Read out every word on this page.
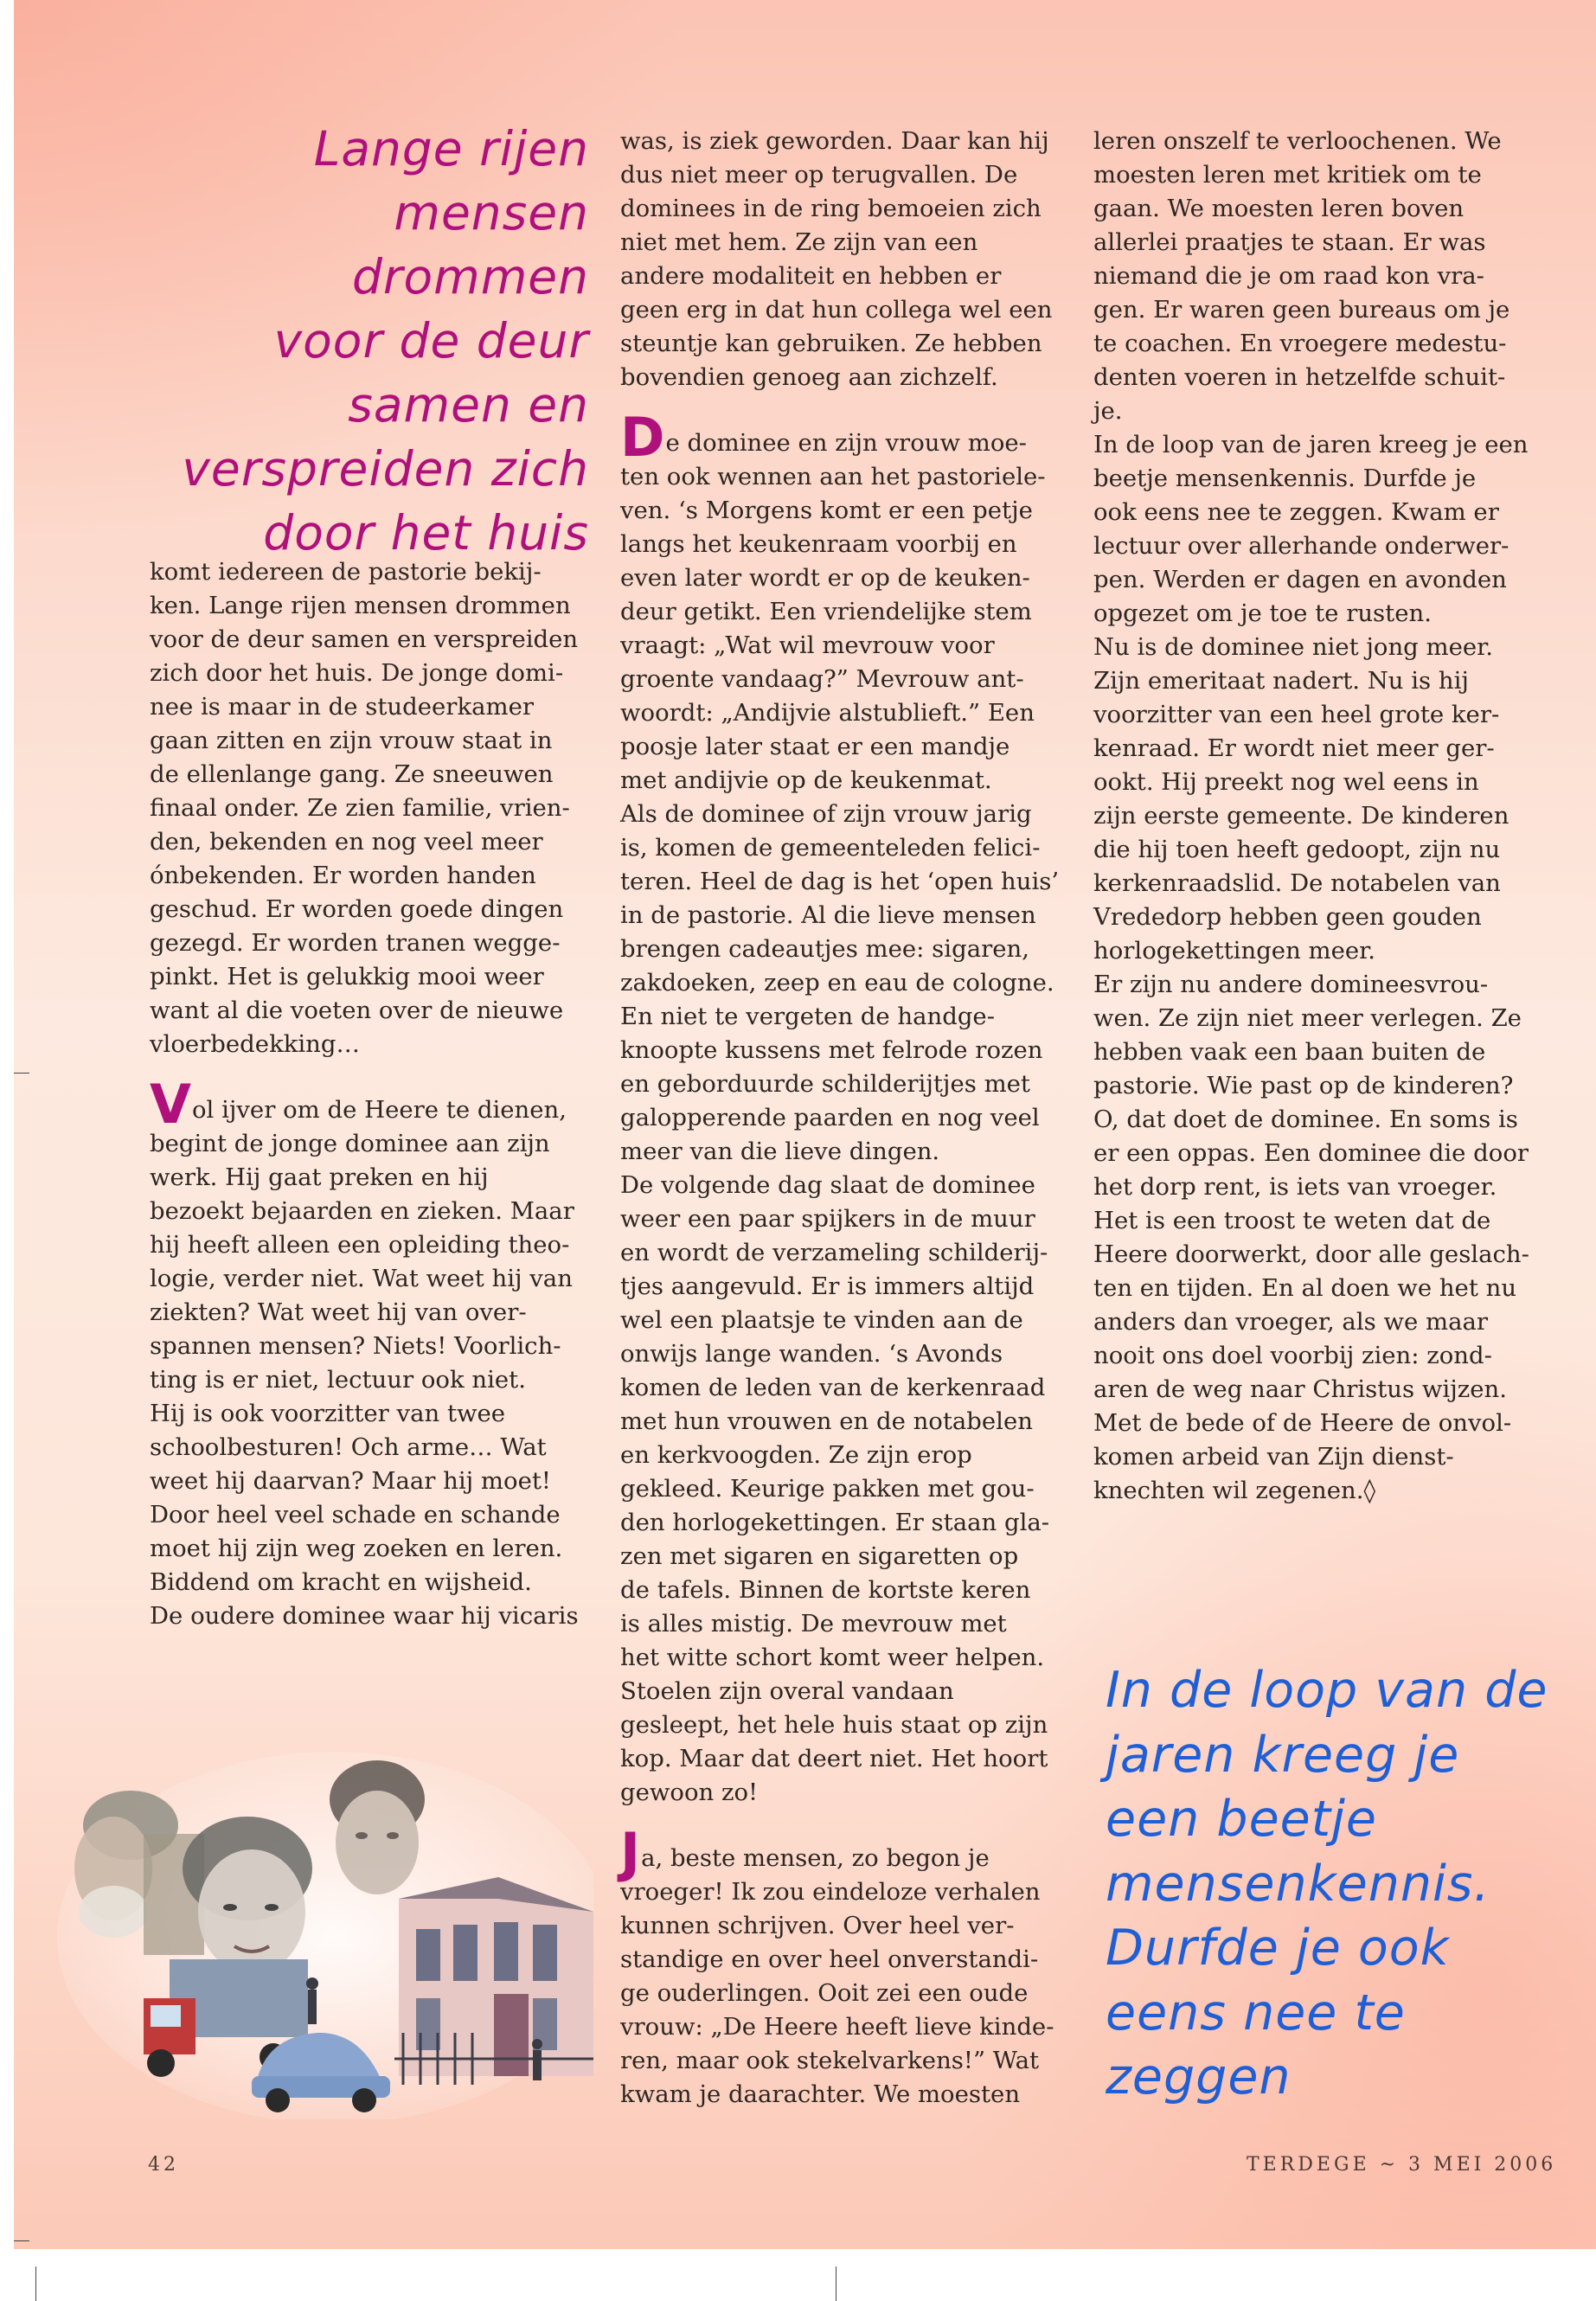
Lange rijen
mensen drommen
voor de deur
samen en
verspreiden zich
door het huis

komt iedereen de pastorie bekij-

ken. Lange rijen mensen drommen

voor de deur samen en verspreiden

zich door het huis. De jonge domi-

nee is maar in de studeerkamer

gaan zitten en zijn vrouw staat in

de ellenlange gang. Ze sneeuwen

finaal onder. Ze zien familie, vrien-

den, bekenden en nog veel meer

ónbekenden. Er worden handen

geschud. Er worden goede dingen

gezegd. Er worden tranen wegge-

pinkt. Het is gelukkig mooi weer

want al die voeten over de nieuwe

vloerbedekking…

Vol ijver om de Heere te dienen,

begint de jonge dominee aan zijn

werk. Hij gaat preken en hij

bezoekt bejaarden en zieken. Maar

hij heeft alleen een opleiding theo-

logie, verder niet. Wat weet hij van

ziekten? Wat weet hij van over-

spannen mensen? Niets! Voorlich-

ting is er niet, lectuur ook niet.

Hij is ook voorzitter van twee

schoolbesturen! Och arme… Wat

weet hij daarvan? Maar hij moet!

Door heel veel schade en schande

moet hij zijn weg zoeken en leren.

Biddend om kracht en wijsheid.

De oudere dominee waar hij vicaris

was, is ziek geworden. Daar kan hij

dus niet meer op terugvallen. De

dominees in de ring bemoeien zich

niet met hem. Ze zijn van een

andere modaliteit en hebben er

geen erg in dat hun collega wel een

steuntje kan gebruiken. Ze hebben

bovendien genoeg aan zichzelf.

De dominee en zijn vrouw moe-

ten ook wennen aan het pastoriele-

ven. ‘s Morgens komt er een petje

langs het keukenraam voorbij en

even later wordt er op de keuken-

deur getikt. Een vriendelijke stem

vraagt: „Wat wil mevrouw voor

groente vandaag?” Mevrouw ant-

woordt: „Andijvie alstublieft.” Een

poosje later staat er een mandje

met andijvie op de keukenmat.

Als de dominee of zijn vrouw jarig

is, komen de gemeenteleden felici-

teren. Heel de dag is het ‘open huis’

in de pastorie. Al die lieve mensen

brengen cadeautjes mee: sigaren,

zakdoeken, zeep en eau de cologne.

En niet te vergeten de handge-

knoopte kussens met felrode rozen

en geborduurde schilderijtjes met

galopperende paarden en nog veel

meer van die lieve dingen.

De volgende dag slaat de dominee

weer een paar spijkers in de muur

en wordt de verzameling schilderij-

tjes aangevuld. Er is immers altijd

wel een plaatsje te vinden aan de

onwijs lange wanden. ‘s Avonds

komen de leden van de kerkenraad

met hun vrouwen en de notabelen

en kerkvoogden. Ze zijn erop

gekleed. Keurige pakken met gou-

den horlogekettingen. Er staan gla-

zen met sigaren en sigaretten op

de tafels. Binnen de kortste keren

is alles mistig. De mevrouw met

het witte schort komt weer helpen.

Stoelen zijn overal vandaan

gesleept, het hele huis staat op zijn

kop. Maar dat deert niet. Het hoort

gewoon zo!

Ja, beste mensen, zo begon je

vroeger! Ik zou eindeloze verhalen

kunnen schrijven. Over heel ver-

standige en over heel onverstandi-

ge ouderlingen. Ooit zei een oude

vrouw: „De Heere heeft lieve kinde-

ren, maar ook stekelvarkens!” Wat

kwam je daarachter. We moesten

leren onszelf te verloochenen. We

moesten leren met kritiek om te

gaan. We moesten leren boven

allerlei praatjes te staan. Er was

niemand die je om raad kon vra-

gen. Er waren geen bureaus om je

te coachen. En vroegere medestu-

denten voeren in hetzelfde schuit-

je.

In de loop van de jaren kreeg je een

beetje mensenkennis. Durfde je

ook eens nee te zeggen. Kwam er

lectuur over allerhande onderwer-

pen. Werden er dagen en avonden

opgezet om je toe te rusten.

Nu is de dominee niet jong meer.

Zijn emeritaat nadert. Nu is hij

voorzitter van een heel grote ker-

kenraad. Er wordt niet meer ger-

ookt. Hij preekt nog wel eens in

zijn eerste gemeente. De kinderen

die hij toen heeft gedoopt, zijn nu

kerkenraadslid. De notabelen van

Vrededorp hebben geen gouden

horlogekettingen meer.

Er zijn nu andere domineesvrou-

wen. Ze zijn niet meer verlegen. Ze

hebben vaak een baan buiten de

pastorie. Wie past op de kinderen?

O, dat doet de dominee. En soms is

er een oppas. Een dominee die door

het dorp rent, is iets van vroeger.

Het is een troost te weten dat de

Heere doorwerkt, door alle geslach-

ten en tijden. En al doen we het nu

anders dan vroeger, als we maar

nooit ons doel voorbij zien: zond-

aren de weg naar Christus wijzen.

Met de bede of de Heere de onvol-

komen arbeid van Zijn dienst-

knechten wil zegenen.◊

In de loop van de
jaren kreeg je
een beetje
mensenkennis.
Durfde je ook
eens nee te
zeggen
42	TERDEGE ~ 3 MEI 2006
